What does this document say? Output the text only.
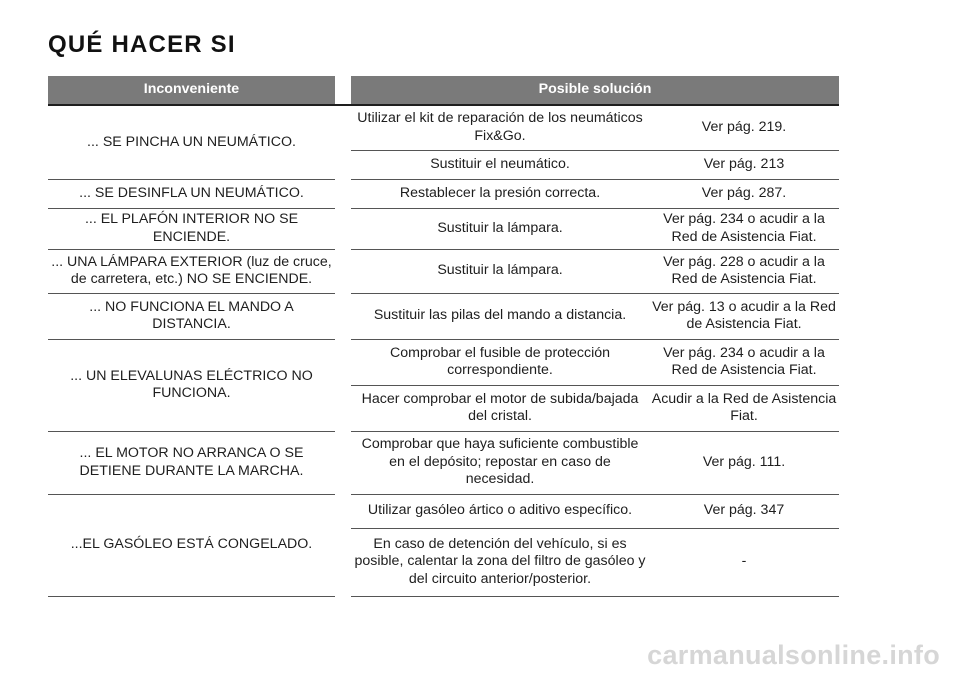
QUÉ HACER SI
Inconveniente		Posible solución	
... SE PINCHA UN NEUMÁTICO.		Utilizar el kit de reparación de los neumáticos Fix&Go.	Ver pág. 219.
		Sustituir el neumático.	Ver pág. 213
... SE DESINFLA UN NEUMÁTICO.		Restablecer la presión correcta.	Ver pág. 287.
... EL PLAFÓN INTERIOR NO SE ENCIENDE.		Sustituir la lámpara.	Ver pág. 234 o acudir a la Red de Asistencia Fiat.
... UNA LÁMPARA EXTERIOR (luz de cruce, de carretera, etc.) NO SE ENCIENDE.		Sustituir la lámpara.	Ver pág. 228 o acudir a la Red de Asistencia Fiat.
... NO FUNCIONA EL MANDO A DISTANCIA.		Sustituir las pilas del mando a distancia.	Ver pág. 13 o acudir a la Red de Asistencia Fiat.
... UN ELEVALUNAS ELÉCTRICO NO FUNCIONA.		Comprobar el fusible de protección correspondiente.	Ver pág. 234 o acudir a la Red de Asistencia Fiat.
		Hacer comprobar el motor de subida/bajada del cristal.	Acudir a la Red de Asistencia Fiat.
... EL MOTOR NO ARRANCA O SE DETIENE DURANTE LA MARCHA.		Comprobar que haya suficiente combustible en el depósito; repostar en caso de necesidad.	Ver pág. 111.
...EL GASÓLEO ESTÁ CONGELADO.		Utilizar gasóleo ártico o aditivo específico.	Ver pág. 347
		En caso de detención del vehículo, si es posible, calentar la zona del filtro de gasóleo y del circuito anterior/posterior.	-
carmanualsonline.info
